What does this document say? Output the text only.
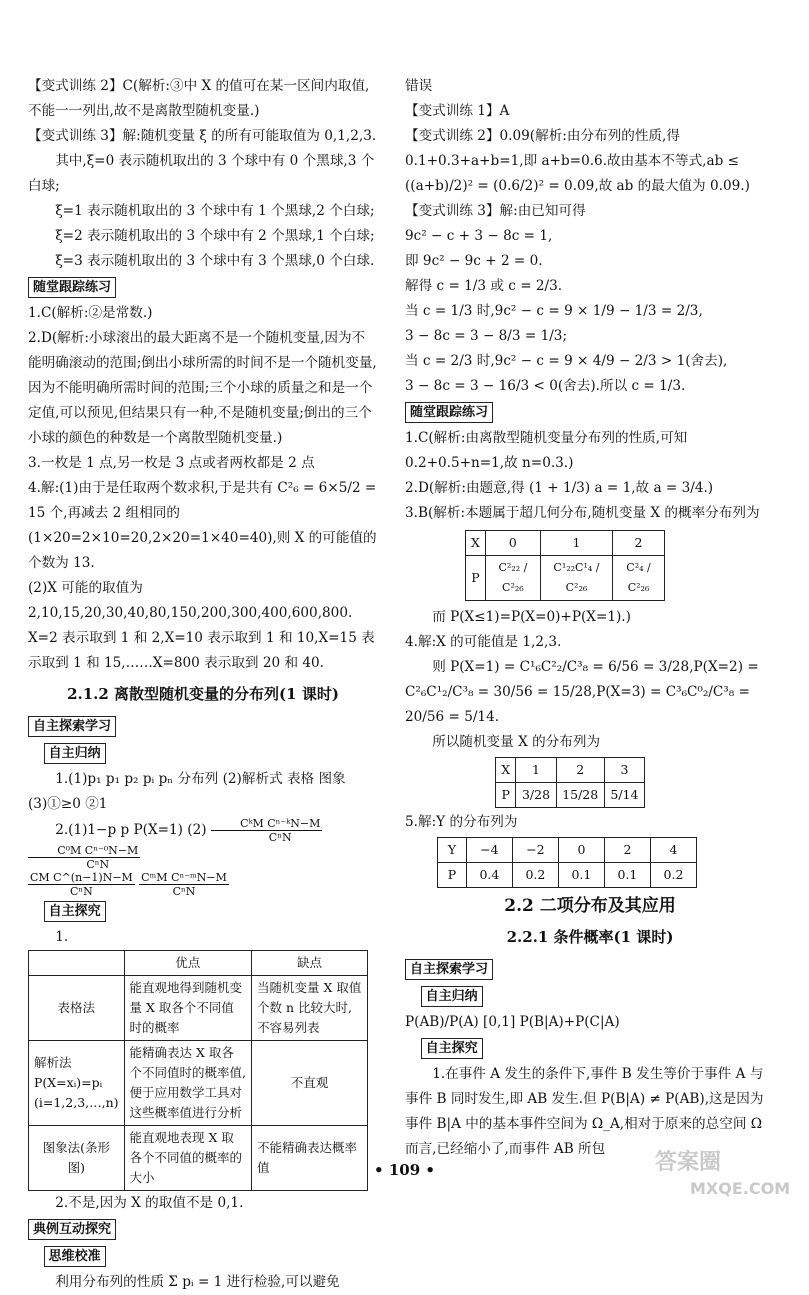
【变式训练 2】C(解析:③中 X 的值可在某一区间内取值,不能一一列出,故不是离散型随机变量.)

【变式训练 3】解:随机变量 ξ 的所有可能取值为 0,1,2,3.

其中,ξ=0 表示随机取出的 3 个球中有 0 个黑球,3 个白球;

ξ=1 表示随机取出的 3 个球中有 1 个黑球,2 个白球;

ξ=2 表示随机取出的 3 个球中有 2 个黑球,1 个白球;

ξ=3 表示随机取出的 3 个球中有 3 个黑球,0 个白球.

随堂跟踪练习

1.C(解析:②是常数.)

2.D(解析:小球滚出的最大距离不是一个随机变量,因为不能明确滚动的范围;倒出小球所需的时间不是一个随机变量,因为不能明确所需时间的范围;三个小球的质量之和是一个定值,可以预见,但结果只有一种,不是随机变量;倒出的三个小球的颜色的种数是一个离散型随机变量.)

3.一枚是 1 点,另一枚是 3 点或者两枚都是 2 点

4.解:(1)由于是任取两个数求积,于是共有 C²₆ = 6×5/2 = 15 个,再减去 2 组相同的(1×20=2×10=20,2×20=1×40=40),则 X 的可能值的个数为 13.

(2)X 可能的取值为 2,10,15,20,30,40,80,150,200,300,400,600,800. X=2 表示取到 1 和 2,X=10 表示取到 1 和 10,X=15 表示取到 1 和 15,……X=800 表示取到 20 和 40.

2.1.2 离散型随机变量的分布列(1 课时)
自主探索学习
自主归纳

1.(1)p₁ p₁ p₂ pᵢ pₙ 分布列 (2)解析式 表格 图象 (3)①≥0 ②1

2.(1)1−p p P(X=1) $(2) \frac{\text{CᵏM Cⁿ⁻ᵏN−M}}{\text{CⁿN}}$

$\frac{\text{C⁰M Cⁿ⁻⁰N−M}}{\text{CⁿN}}$

$\frac{\text{CM C\textasciicircum{}(n−1)N−M}}{\text{CⁿN}}$
$\frac{\text{CᵐM Cⁿ⁻ᵐN−M}}{\text{CⁿN}}$

自主探究

1.

	优点	缺点
表格法	能直观地得到随机变量 X 取各个不同值时的概率	当随机变量 X 取值个数 n 比较大时,不容易列表
解析法 P(X=xᵢ)=pᵢ (i=1,2,3,…,n)	能精确表达 X 取各个不同值时的概率值,便于应用数学工具对这些概率值进行分析	不直观
图象法(条形图)	能直观地表现 X 取各个不同值的概率的大小	不能精确表达概率值

2.不是,因为 X 的取值不是 0,1.

典例互动探究
思维校准

利用分布列的性质 Σ pᵢ = 1 进行检验,可以避免

错误

【变式训练 1】A

【变式训练 2】0.09(解析:由分布列的性质,得 0.1+0.3+a+b=1,即 a+b=0.6.故由基本不等式,ab ≤ ((a+b)/2)² = (0.6/2)² = 0.09,故 ab 的最大值为 0.09.)

【变式训练 3】解:由已知可得

9c² − c + 3 − 8c = 1,

即 9c² − 9c + 2 = 0.

解得 c = 1/3 或 c = 2/3.

当 c = 1/3 时,9c² − c = 9 × 1/9 − 1/3 = 2/3,

3 − 8c = 3 − 8/3 = 1/3;

当 c = 2/3 时,9c² − c = 9 × 4/9 − 2/3 > 1(舍去),

3 − 8c = 3 − 16/3 < 0(舍去).所以 c = 1/3.

随堂跟踪练习

1.C(解析:由离散型随机变量分布列的性质,可知 0.2+0.5+n=1,故 n=0.3.)

2.D(解析:由题意,得 (1 + 1/3) a = 1,故 a = 3/4.)

3.B(解析:本题属于超几何分布,随机变量 X 的概率分布列为

X	0	1	2
P	C²₂₂ / C²₂₆	C¹₂₂C¹₄ / C²₂₆	C²₄ / C²₂₆

而 P(X≤1)=P(X=0)+P(X=1).)

4.解:X 的可能值是 1,2,3.

则 P(X=1) = C¹₆C²₂/C³₈ = 6/56 = 3/28,P(X=2) = C²₆C¹₂/C³₈ = 30/56 = 15/28,P(X=3) = C³₆C⁰₂/C³₈ = 20/56 = 5/14.

所以随机变量 X 的分布列为

X	1	2	3
P	3/28	15/28	5/14

5.解:Y 的分布列为

Y	−4	−2	0	2	4
P	0.4	0.2	0.1	0.1	0.2
2.2 二项分布及其应用
2.2.1 条件概率(1 课时)
自主探索学习
自主归纳

P(AB)/P(A) [0,1] P(B|A)+P(C|A)

自主探究

1.在事件 A 发生的条件下,事件 B 发生等价于事件 A 与事件 B 同时发生,即 AB 发生.但 P(B|A) ≠ P(AB),这是因为事件 B|A 中的基本事件空间为 Ω_A,相对于原来的总空间 Ω 而言,已经缩小了,而事件 AB 所包

• 109 •	答案圈
MXQE.COM
